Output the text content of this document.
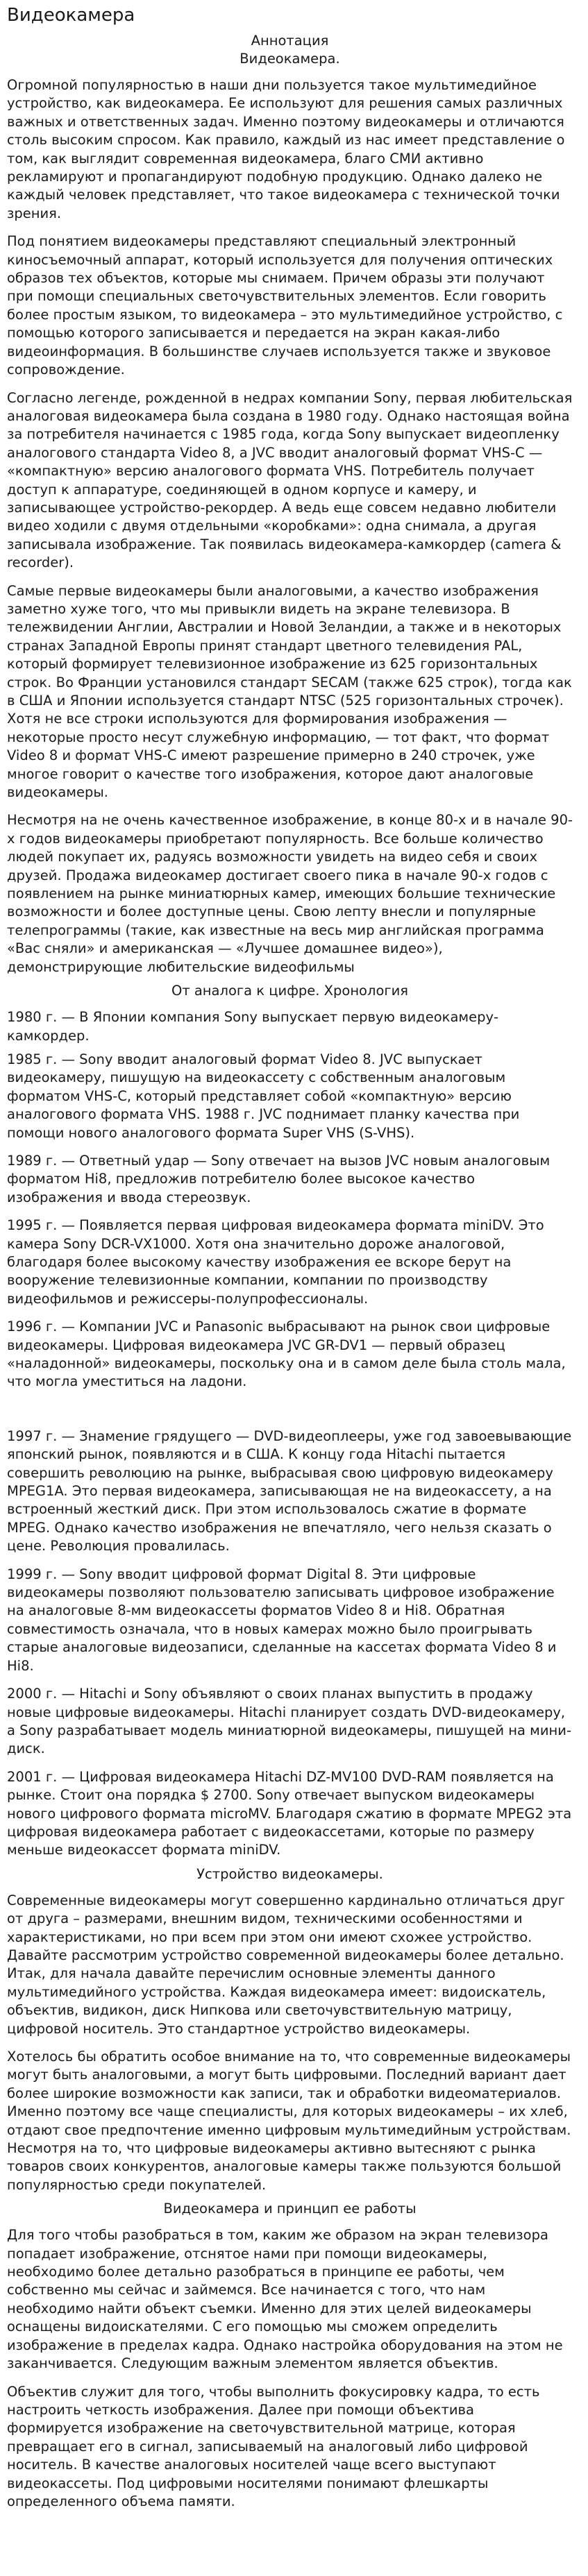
Видеокамера
Аннотация
Видеокамера.

Огромной популярностью в наши дни пользуется такое мультимедийное устройство, как видеокамера. Ее используют для решения самых различных важных и ответственных задач. Именно поэтому видеокамеры и отличаются столь высоким спросом. Как правило, каждый из нас имеет представление о том, как выглядит современная видеокамера, благо СМИ активно рекламируют и пропагандируют подобную продукцию. Однако далеко не каждый человек представляет, что такое видеокамера с технической точки зрения.

Под понятием видеокамеры представляют специальный электронный киносъемочный аппарат, который используется для получения оптических образов тех объектов, которые мы снимаем. Причем образы эти получают при помощи специальных светочувствительных элементов. Если говорить более простым языком, то видеокамера – это мультимедийное устройство, с помощью которого записывается и передается на экран какая-либо видеоинформация. В большинстве случаев используется также и звуковое сопровождение.

Согласно легенде, рожденной в недрах компании Sony, первая любительская аналоговая видеокамера была создана в 1980 году. Однако настоящая война за потребителя начинается с 1985 года, когда Sony выпускает видеопленку аналогового стандарта Video 8, а JVC вводит аналоговый формат VHS-C — «компактную» версию аналогового формата VHS. Потребитель получает доступ к аппаратуре, соединяющей в одном корпусе и камеру, и записывающее устройство-рекордер. А ведь еще совсем недавно любители видео ходили с двумя отдельными «коробками»: одна снимала, а другая записывала изображение. Так появилась видеокамера-камкордер (camera & recorder).

Самые первые видеокамеры были аналоговыми, а качество изображения заметно хуже того, что мы привыкли видеть на экране телевизора. В тележвидении Англии, Австралии и Новой Зеландии, а также и в некоторых странах Западной Европы принят стандарт цветного телевидения PAL, который формирует телевизионное изображение из 625 горизонтальных строк. Во Франции установился стандарт SECAM (также 625 строк), тогда как в США и Японии используется стандарт NTSC (525 горизонтальных строчек). Хотя не все строки используются для формирования изображения — некоторые просто несут служебную информацию, — тот факт, что формат Video 8 и формат VHS-C имеют разрешение примерно в 240 строчек, уже многое говорит о качестве того изображения, которое дают аналоговые видеокамеры.

Несмотря на не очень качественное изображение, в конце 80-х и в начале 90-х годов видеокамеры приобретают популярность. Все больше количество людей покупает их, радуясь возможности увидеть на видео себя и своих друзей. Продажа видеокамер достигает своего пика в начале 90-х годов с появлением на рынке миниатюрных камер, имеющих большие технические возможности и более доступные цены. Свою лепту внесли и популярные телепрограммы (такие, как известные на весь мир английская программа «Вас сняли» и американская — «Лучшее домашнее видео»), демонстрирующие любительские видеофильмы

От аналога к цифре. Хронология

1980 г. — В Японии компания Sony выпускает первую видеокамеру-камкордер.

1985 г. — Sony вводит аналоговый формат Video 8. JVC выпускает видеокамеру, пишущую на видеокассету с собственным аналоговым форматом VHS-C, который представляет собой «компактную» версию аналогового формата VHS. 1988 г. JVC поднимает планку качества при помощи нового аналогового формата Super VHS (S-VHS).

1989 г. — Ответный удар — Sony отвечает на вызов JVC новым аналоговым форматом Hi8, предложив потребителю более высокое качество изображения и ввода стереозвук.

1995 г. — Появляется первая цифровая видеокамера формата miniDV. Это камера Sony DCR-VX1000. Хотя она значительно дороже аналоговой, благодаря более высокому качеству изображения ее вскоре берут на вооружение телевизионные компании, компании по производству видеофильмов и режиссеры-полупрофессионалы.

1996 г. — Компании JVC и Panasonic выбрасывают на рынок свои цифровые видеокамеры. Цифровая видеокамера JVC GR-DV1 — первый образец «наладонной» видеокамеры, поскольку она и в самом деле была столь мала, что могла уместиться на ладони.

1997 г. — Знамение грядущего — DVD-видеоплееры, уже год завоевывающие японский рынок, появляются и в США. К концу года Hitachi пытается совершить революцию на рынке, выбрасывая свою цифровую видеокамеру MPEG1A. Это первая видеокамера, записывающая не на видеокассету, а на встроенный жесткий диск. При этом использовалось сжатие в формате MPEG. Однако качество изображения не впечатляло, чего нельзя сказать о цене. Революция провалилась.

1999 г. — Sony вводит цифровой формат Digital 8. Эти цифровые видеокамеры позволяют пользователю записывать цифровое изображение на аналоговые 8-мм видеокассеты форматов Video 8 и Hi8. Обратная совместимость означала, что в новых камерах можно было проигрывать старые аналоговые видеозаписи, сделанные на кассетах формата Video 8 и Hi8.

2000 г. — Hitachi и Sony объявляют о своих планах выпустить в продажу новые цифровые видеокамеры. Hitachi планирует создать DVD-видеокамеру, а Sony разрабатывает модель миниатюрной видеокамеры, пишущей на мини-диск.

2001 г. — Цифровая видеокамера Hitachi DZ-MV100 DVD-RAM появляется на рынке. Стоит она порядка $ 2700. Sony отвечает выпуском видеокамеры нового цифрового формата microMV. Благодаря сжатию в формате MPEG2 эта цифровая видеокамера работает с видеокассетами, которые по размеру меньше видеокассет формата miniDV.

Устройство видеокамеры.

Современные видеокамеры могут совершенно кардинально отличаться друг от друга – размерами, внешним видом, техническими особенностями и характеристиками, но при всем при этом они имеют схожее устройство. Давайте рассмотрим устройство современной видеокамеры более детально. Итак, для начала давайте перечислим основные элементы данного мультимедийного устройства. Каждая видеокамера имеет: видоискатель, объектив, видикон, диск Нипкова или светочувствительную матрицу, цифровой носитель. Это стандартное устройство видеокамеры.

Хотелось бы обратить особое внимание на то, что современные видеокамеры могут быть аналоговыми, а могут быть цифровыми. Последний вариант дает более широкие возможности как записи, так и обработки видеоматериалов. Именно поэтому все чаще специалисты, для которых видеокамеры – их хлеб, отдают свое предпочтение именно цифровым мультимедийным устройствам. Несмотря на то, что цифровые видеокамеры активно вытесняют с рынка товаров своих конкурентов, аналоговые камеры также пользуются большой популярностью среди покупателей.

Видеокамера и принцип ее работы

Для того чтобы разобраться в том, каким же образом на экран телевизора попадает изображение, отснятое нами при помощи видеокамеры, необходимо более детально разобраться в принципе ее работы, чем собственно мы сейчас и займемся. Все начинается с того, что нам необходимо найти объект съемки. Именно для этих целей видеокамеры оснащены видоискателями. С его помощью мы сможем определить изображение в пределах кадра. Однако настройка оборудования на этом не заканчивается. Следующим важным элементом является объектив.

Объектив служит для того, чтобы выполнить фокусировку кадра, то есть настроить четкость изображения. Далее при помощи объектива формируется изображение на светочувствительной матрице, которая превращает его в сигнал, записываемый на аналоговый либо цифровой носитель. В качестве аналоговых носителей чаще всего выступают видеокассеты. Под цифровыми носителями понимают флешкарты определенного объема памяти.
